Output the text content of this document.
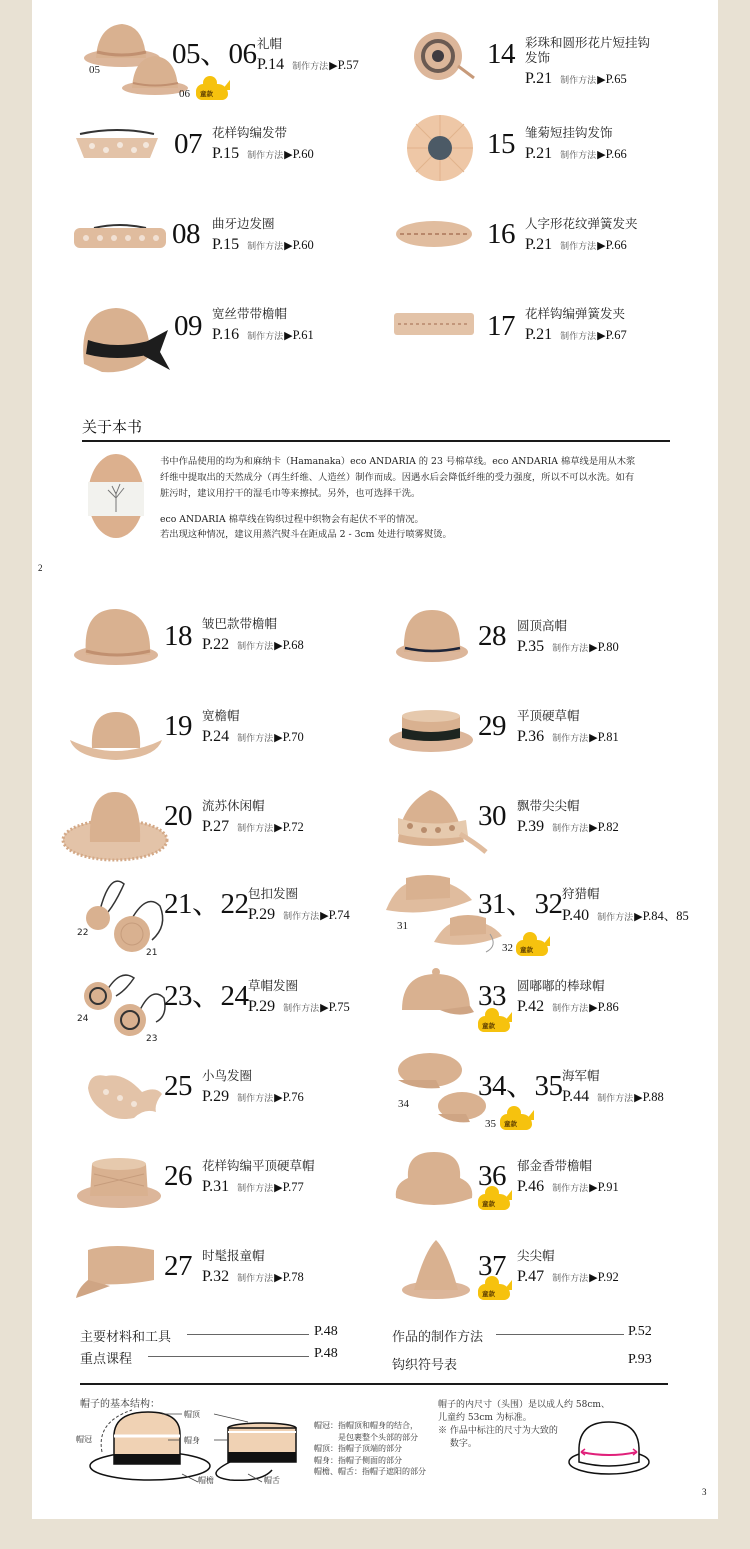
05
06 童款
05、06 礼帽
P.14 制作方法▶P.57
07 花样钩编发带
P.15 制作方法▶P.60
08 曲牙边发圈
P.15 制作方法▶P.60
09 宽丝带带檐帽
P.16 制作方法▶P.61
14 彩珠和圆形花片短挂钩
发饰
P.21 制作方法▶P.65
15 雏菊短挂钩发饰
P.21 制作方法▶P.66
16 人字形花纹弹簧发夹
P.21 制作方法▶P.66
17 花样钩编弹簧发夹
P.21 制作方法▶P.67
关于本书
书中作品使用的均为和麻纳卡（Hamanaka）eco ANDARIA 的 23 号棉草线。eco ANDARIA 棉草线是用从木浆纤维中提取出的天然成分（再生纤维、人造丝）制作而成。因遇水后会降低纤维的受力强度，所以不可以水洗。如有脏污时，建议用拧干的湿毛巾等来擦拭。另外，也可选择干洗。
eco ANDARIA 棉草线在钩织过程中织物会有起伏不平的情况。
若出现这种情况，建议用蒸汽熨斗在距成品 2 - 3cm 处进行喷雾熨烫。
2
18 皱巴款带檐帽
P.22 制作方法▶P.68
19 宽檐帽
P.24 制作方法▶P.70
20 流苏休闲帽
P.27 制作方法▶P.72
22
21
21、22 包扣发圈
P.29 制作方法▶P.74
24
23
23、24 草帽发圈
P.29 制作方法▶P.75
25 小鸟发圈
P.29 制作方法▶P.76
26 花样钩编平顶硬草帽
P.31 制作方法▶P.77
27 时髦报童帽
P.32 制作方法▶P.78
28 圆顶高帽
P.35 制作方法▶P.80
29 平顶硬草帽
P.36 制作方法▶P.81
30 飘带尖尖帽
P.39 制作方法▶P.82
31
32 童款
31、32 狩猎帽
P.40 制作方法▶P.84、85
童款
33 圆嘟嘟的棒球帽
P.42 制作方法▶P.86
34
35 童款
34、35 海军帽
P.44 制作方法▶P.88
童款
36 郁金香带檐帽
P.46 制作方法▶P.91
童款
37 尖尖帽
P.47 制作方法▶P.92
主要材料和工具	P.48
重点课程	P.48
作品的制作方法	P.52
钩织符号表	P.93
帽子的基本结构：
帽冠
帽顶
帽身
帽檐	帽舌
帽冠：指帽顶和帽身的结合，
　　　是包裹整个头部的部分
帽顶：指帽子顶端的部分
帽身：指帽子侧面的部分
帽檐、帽舌：指帽子遮阳的部分
帽子的内尺寸（头围）是以成人约 58cm、
儿童约 53cm 为标准。
※ 作品中标注的尺寸为大致的
　 数字。
3
